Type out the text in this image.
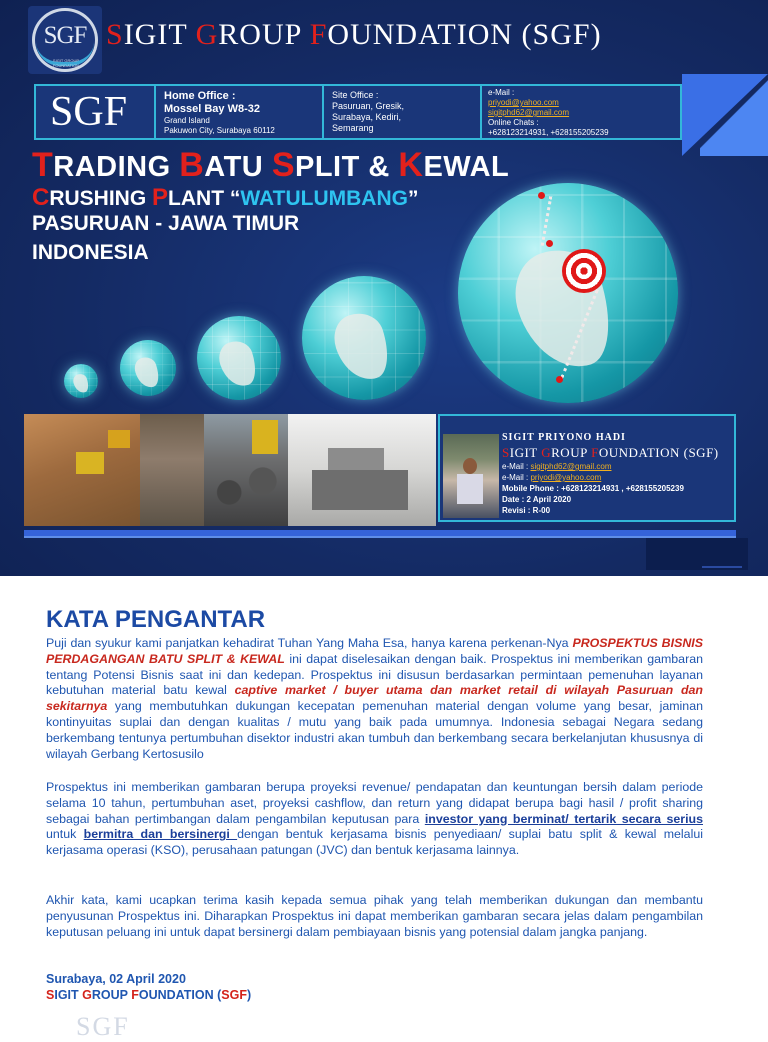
SGF
SIGIT GROUP FOUNDATION
SIGIT GROUP FOUNDATION (SGF)
SGF	Home Office :
Mossel Bay W8-32
Grand Island
Pakuwon City, Surabaya 60112
Site Office :
Pasuruan, Gresik,
Surabaya, Kediri,
Semarang
e-Mail :
priyodi@yahoo.com
sigitphd62@gmail.com
Online Chats :
+628123214931, +628155205239
TRADING BATU SPLIT & KEWAL
CRUSHING PLANT “WATULUMBANG”
PASURUAN - JAWA TIMUR
INDONESIA
SIGIT PRIYONO HADI
SIGIT GROUP FOUNDATION (SGF)
e-Mail : sigitphd62@gmail.com
e-Mail : priyodi@yahoo.com
Mobile Phone : +628123214931 , +628155205239
Date : 2 April 2020
Revisi : R-00
KATA PENGANTAR
Puji dan syukur kami panjatkan kehadirat Tuhan Yang Maha Esa, hanya karena perkenan-Nya PROSPEKTUS BISNIS PERDAGANGAN BATU SPLIT & KEWAL ini dapat diselesaikan dengan baik. Prospektus ini memberikan gambaran tentang Potensi Bisnis saat ini dan kedepan. Prospektus ini disusun berdasarkan permintaan pemenuhan layanan kebutuhan material batu kewal captive market / buyer utama dan market retail di wilayah Pasuruan dan sekitarnya yang membutuhkan dukungan kecepatan pemenuhan material dengan volume yang besar, jaminan kontinyuitas suplai dan dengan kualitas / mutu yang baik pada umumnya. Indonesia sebagai Negara sedang berkembang tentunya pertumbuhan disektor industri akan tumbuh dan berkembang secara berkelanjutan khususnya di wilayah Gerbang Kertosusilo
Prospektus ini memberikan gambaran berupa proyeksi revenue/ pendapatan dan keuntungan bersih dalam periode selama 10 tahun, pertumbuhan aset, proyeksi cashflow, dan return yang didapat berupa bagi hasil / profit sharing sebagai bahan pertimbangan dalam pengambilan keputusan para investor yang berminat/ tertarik secara serius untuk bermitra dan bersinergi dengan bentuk kerjasama bisnis penyediaan/ suplai batu split & kewal melalui kerjasama operasi (KSO), perusahaan patungan (JVC) dan bentuk kerjasama lainnya.
Akhir kata, kami ucapkan terima kasih kepada semua pihak yang telah memberikan dukungan dan membantu penyusunan Prospektus ini. Diharapkan Prospektus ini dapat memberikan gambaran secara jelas dalam pengambilan keputusan peluang ini untuk dapat bersinergi dalam pembiayaan bisnis yang potensial dalam jangka panjang.
Surabaya, 02 April 2020
SIGIT GROUP FOUNDATION (SGF)
SGF
